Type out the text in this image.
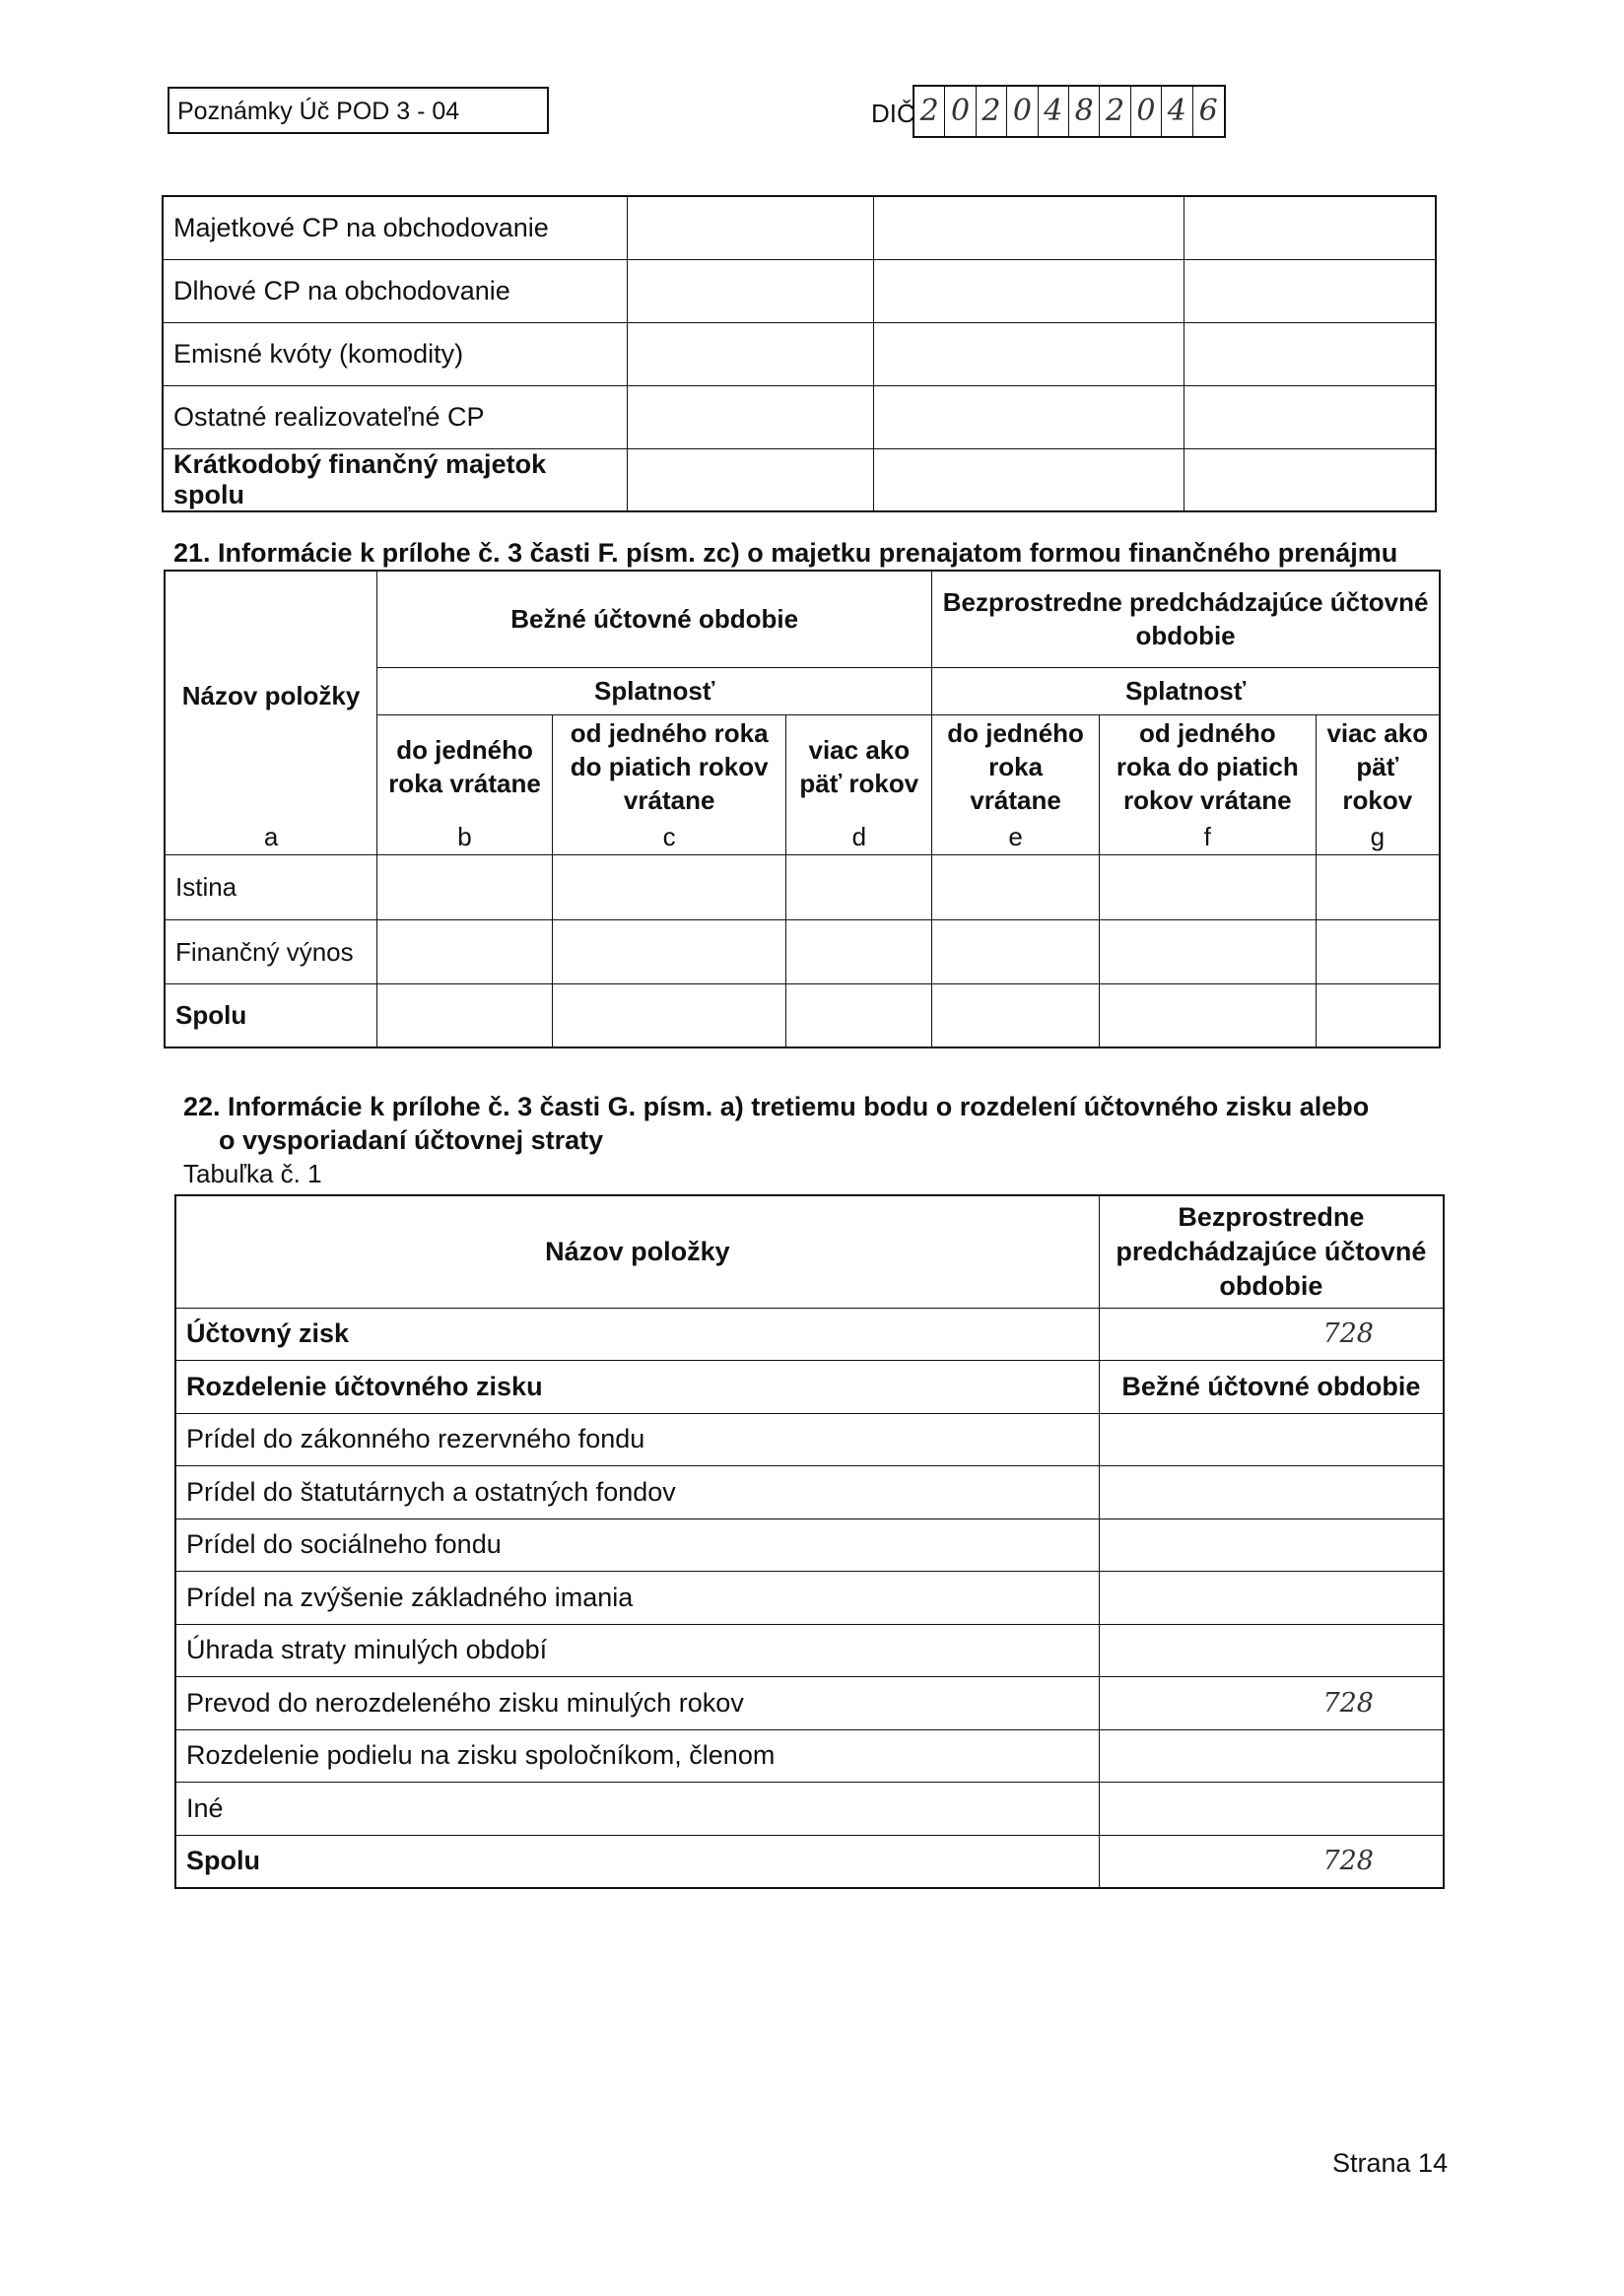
Poznámky Úč POD 3 - 04	DIČ 2 0 2 0 4 8 2 0 4 6
Majetkové CP na obchodovanie			
Dlhové CP na obchodovanie			
Emisné kvóty (komodity)			
Ostatné realizovateľné CP			
Krátkodobý finančný majetok spolu			
21. Informácie k prílohe č. 3 časti F. písm. zc) o majetku prenajatom formou finančného prenájmu
Názov položky	Bežné účtovné obdobie			Bezprostredne predchádzajúce účtovné obdobie		
	Splatnosť			Splatnosť		
	do jedného roka vrátane	od jedného roka do piatich rokov vrátane	viac ako päť rokov	do jedného roka vrátane	od jedného roka do piatich rokov vrátane	viac ako päť rokov
a	b	c	d	e	f	g
Istina						
Finančný výnos						
Spolu						
22. Informácie k prílohe č. 3 časti G. písm. a) tretiemu bodu o rozdelení účtovného zisku alebo
o vysporiadaní účtovnej straty
Tabuľka č. 1
Názov položky	Bezprostredne predchádzajúce účtovné obdobie
Účtovný zisk	728
Rozdelenie účtovného zisku	Bežné účtovné obdobie
Prídel do zákonného rezervného fondu	
Prídel do štatutárnych a ostatných fondov	
Prídel do sociálneho fondu	
Prídel na zvýšenie základného imania	
Úhrada straty minulých období	
Prevod do nerozdeleného zisku minulých rokov	728
Rozdelenie podielu na zisku spoločníkom, členom	
Iné	
Spolu	728
Strana 14
